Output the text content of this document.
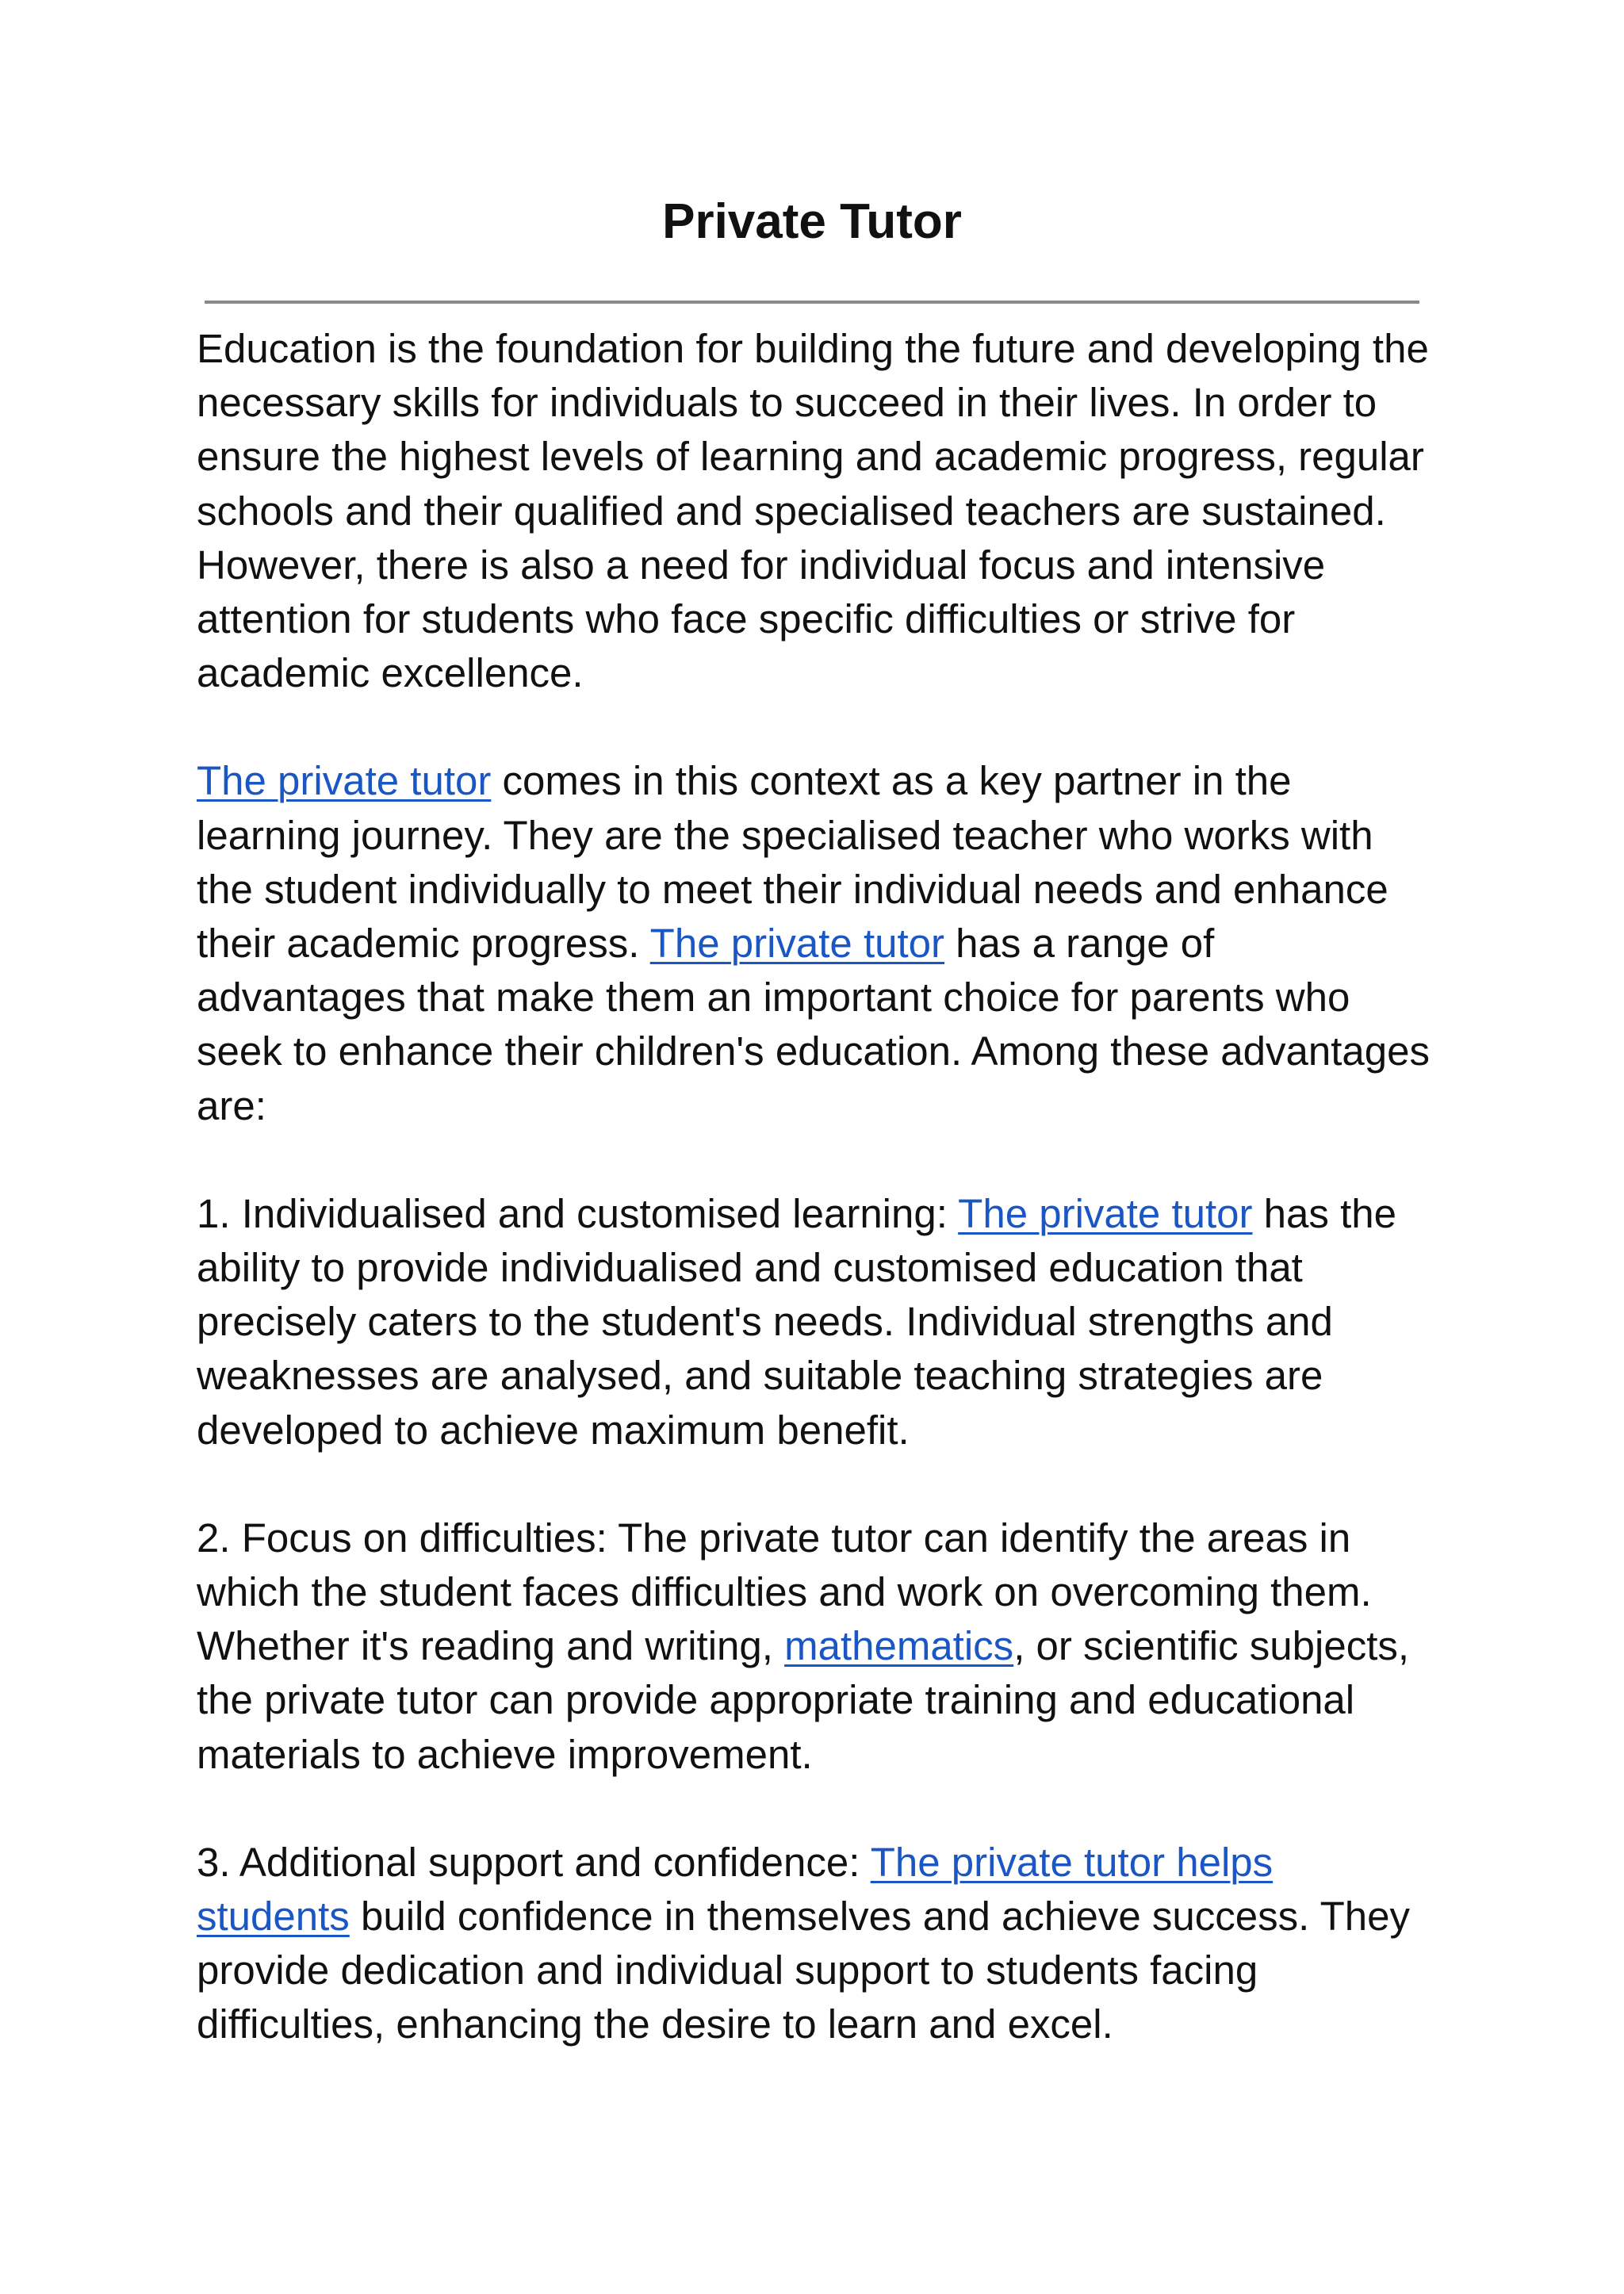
Private Tutor

Education is the foundation for building the future and developing the necessary skills for individuals to succeed in their lives. In order to ensure the highest levels of learning and academic progress, regular schools and their qualified and specialised teachers are sustained. However, there is also a need for individual focus and intensive attention for students who face specific difficulties or strive for academic excellence.

The private tutor comes in this context as a key partner in the learning journey. They are the specialised teacher who works with the student individually to meet their individual needs and enhance their academic progress. The private tutor has a range of advantages that make them an important choice for parents who seek to enhance their children's education. Among these advantages are:

1. Individualised and customised learning: The private tutor has the ability to provide individualised and customised education that precisely caters to the student's needs. Individual strengths and weaknesses are analysed, and suitable teaching strategies are developed to achieve maximum benefit.

2. Focus on difficulties: The private tutor can identify the areas in which the student faces difficulties and work on overcoming them. Whether it's reading and writing, mathematics, or scientific subjects, the private tutor can provide appropriate training and educational materials to achieve improvement.

3. Additional support and confidence: The private tutor helps students build confidence in themselves and achieve success. They provide dedication and individual support to students facing difficulties, enhancing the desire to learn and excel.
